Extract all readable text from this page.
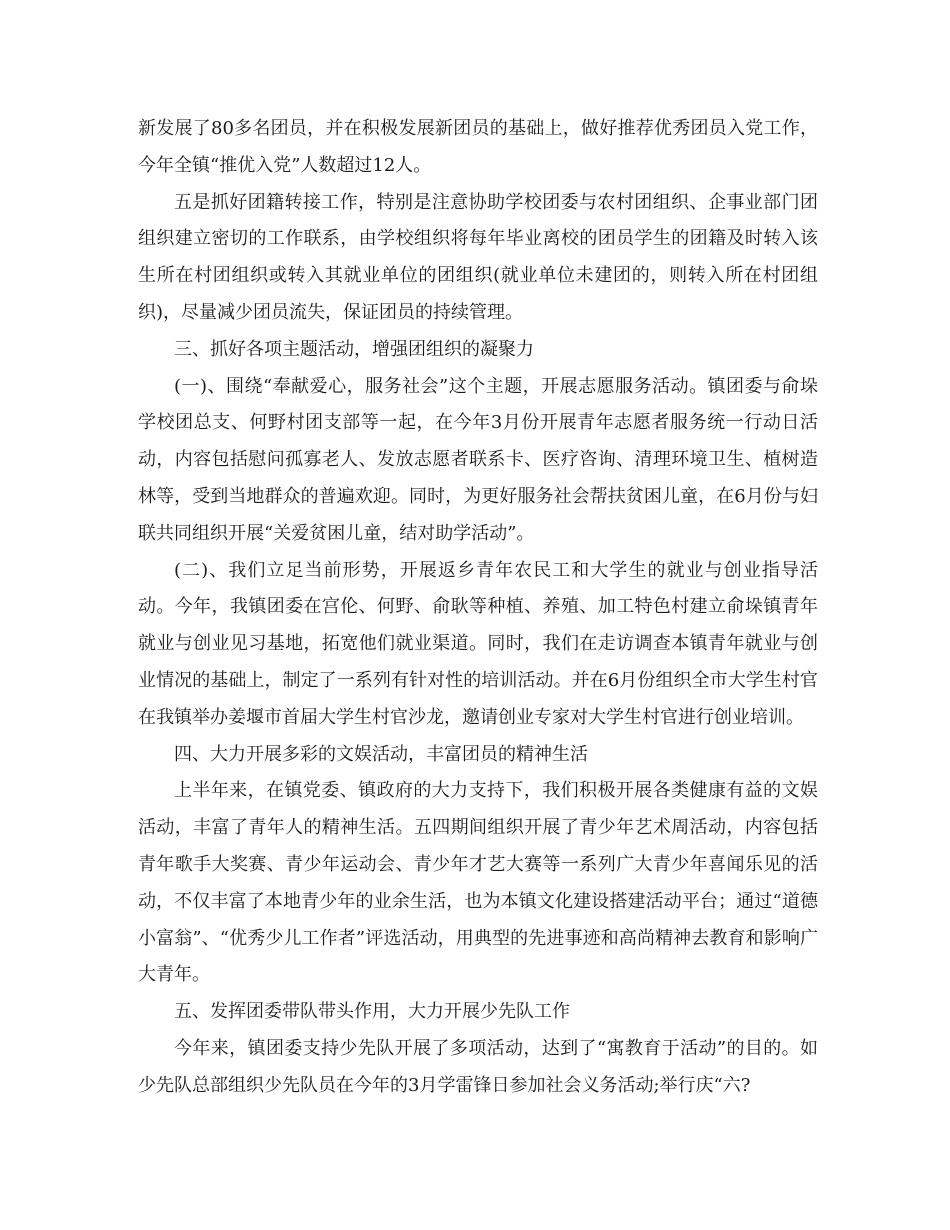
新发展了80多名团员，并在积极发展新团员的基础上，做好推荐优秀团员入党工作，今年全镇“推优入党”人数超过12人。

五是抓好团籍转接工作，特别是注意协助学校团委与农村团组织、企事业部门团组织建立密切的工作联系，由学校组织将每年毕业离校的团员学生的团籍及时转入该生所在村团组织或转入其就业单位的团组织(就业单位未建团的，则转入所在村团组织)，尽量减少团员流失，保证团员的持续管理。

三、抓好各项主题活动，增强团组织的凝聚力

(一)、围绕“奉献爱心，服务社会”这个主题，开展志愿服务活动。镇团委与俞垛学校团总支、何野村团支部等一起，在今年3月份开展青年志愿者服务统一行动日活动，内容包括慰问孤寡老人、发放志愿者联系卡、医疗咨询、清理环境卫生、植树造林等，受到当地群众的普遍欢迎。同时，为更好服务社会帮扶贫困儿童，在6月份与妇联共同组织开展“关爱贫困儿童，结对助学活动”。

(二)、我们立足当前形势，开展返乡青年农民工和大学生的就业与创业指导活动。今年，我镇团委在宫伦、何野、俞耿等种植、养殖、加工特色村建立俞垛镇青年就业与创业见习基地，拓宽他们就业渠道。同时，我们在走访调查本镇青年就业与创业情况的基础上，制定了一系列有针对性的培训活动。并在6月份组织全市大学生村官在我镇举办姜堰市首届大学生村官沙龙，邀请创业专家对大学生村官进行创业培训。

四、大力开展多彩的文娱活动，丰富团员的精神生活

上半年来，在镇党委、镇政府的大力支持下，我们积极开展各类健康有益的文娱活动，丰富了青年人的精神生活。五四期间组织开展了青少年艺术周活动，内容包括青年歌手大奖赛、青少年运动会、青少年才艺大赛等一系列广大青少年喜闻乐见的活动，不仅丰富了本地青少年的业余生活，也为本镇文化建设搭建活动平台；通过“道德小富翁”、“优秀少儿工作者”评选活动，用典型的先进事迹和高尚精神去教育和影响广大青年。

五、发挥团委带队带头作用，大力开展少先队工作

今年来，镇团委支持少先队开展了多项活动，达到了“寓教育于活动”的目的。如少先队总部组织少先队员在今年的3月学雷锋日参加社会义务活动;举行庆“六?
